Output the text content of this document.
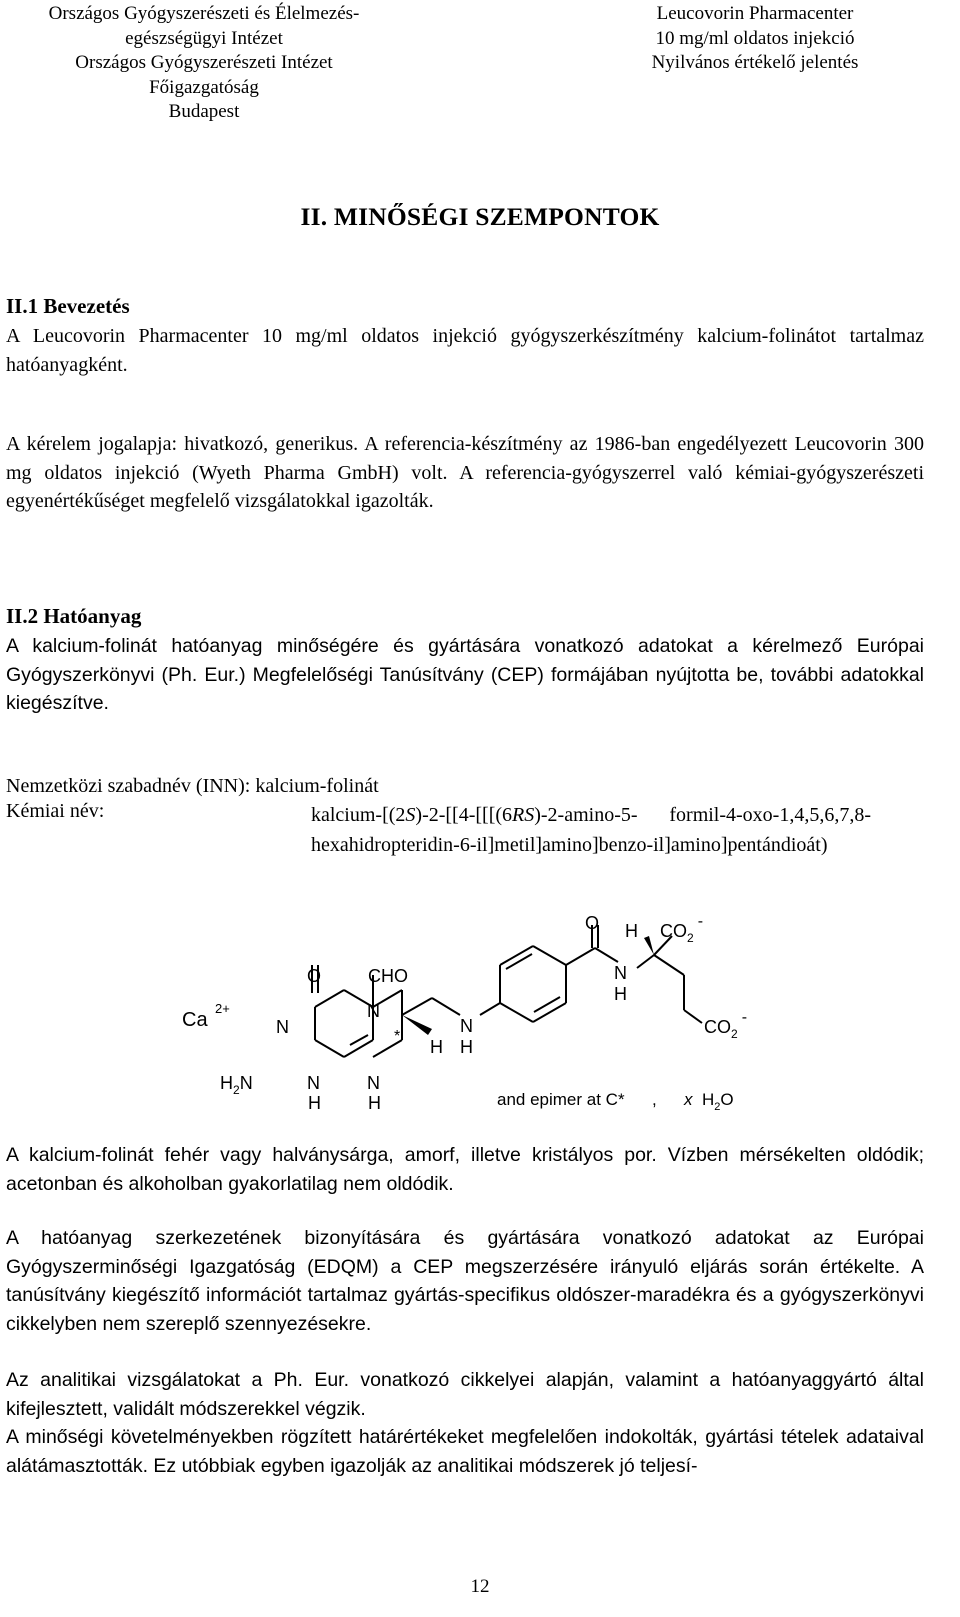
Országos Gyógyszerészeti és Élelmezés-
egészségügyi Intézet
Országos Gyógyszerészeti Intézet
Főigazgatóság
Budapest
Leucovorin Pharmacenter
10 mg/ml oldatos injekció
Nyilvános értékelő jelentés
II. MINŐSÉGI SZEMPONTOK
II.1 Bevezetés

A Leucovorin Pharmacenter 10 mg/ml oldatos injekció gyógyszerkészítmény kalcium-folinátot tartalmaz hatóanyagként.

A kérelem jogalapja: hivatkozó, generikus. A referencia-készítmény az 1986-ban engedélyezett Leucovorin 300 mg oldatos injekció (Wyeth Pharma GmbH) volt. A referencia-gyógyszerrel való kémiai-gyógyszerészeti egyenértékűséget megfelelő vizsgálatokkal igazolták.

II.2 Hatóanyag

A kalcium-folinát hatóanyag minőségére és gyártására vonatkozó adatokat a kérelmező Európai Gyógyszerkönyvi (Ph. Eur.) Megfelelőségi Tanúsítvány (CEP) formájában nyújtotta be, további adatokkal kiegészítve.

Nemzetközi szabadnév (INN): kalcium-folinát
Kémiai név:	kalcium-[(2S)-2-[[4-[[[(6RS)-2-amino-5- formil-4-oxo-1,4,5,6,7,8-hexahidropteridin-6-il]metil]amino]benzo-il]amino]pentándioát)

Ca
2+
O	CHO
N
N	*
H
N
H
$H_2N$	N
H
N
H
O H $CO_2-$
N
H
$CO_2-$
and epimer at C* , x $H_2O$

A kalcium-folinát fehér vagy halványsárga, amorf, illetve kristályos por. Vízben mérsékelten oldódik; acetonban és alkoholban gyakorlatilag nem oldódik.

A hatóanyag szerkezetének bizonyítására és gyártására vonatkozó adatokat az Európai Gyógyszerminőségi Igazgatóság (EDQM) a CEP megszerzésére irányuló eljárás során értékelte. A tanúsítvány kiegészítő információt tartalmaz gyártás-specifikus oldószer-maradékra és a gyógyszerkönyvi cikkelyben nem szereplő szennyezésekre.

Az analitikai vizsgálatokat a Ph. Eur. vonatkozó cikkelyei alapján, valamint a hatóanyaggyártó által kifejlesztett, validált módszerekkel végzik.

A minőségi követelményekben rögzített határértékeket megfelelően indokolták, gyártási tételek adataival alátámasztották. Ez utóbbiak egyben igazolják az analitikai módszerek jó teljesí-

12
